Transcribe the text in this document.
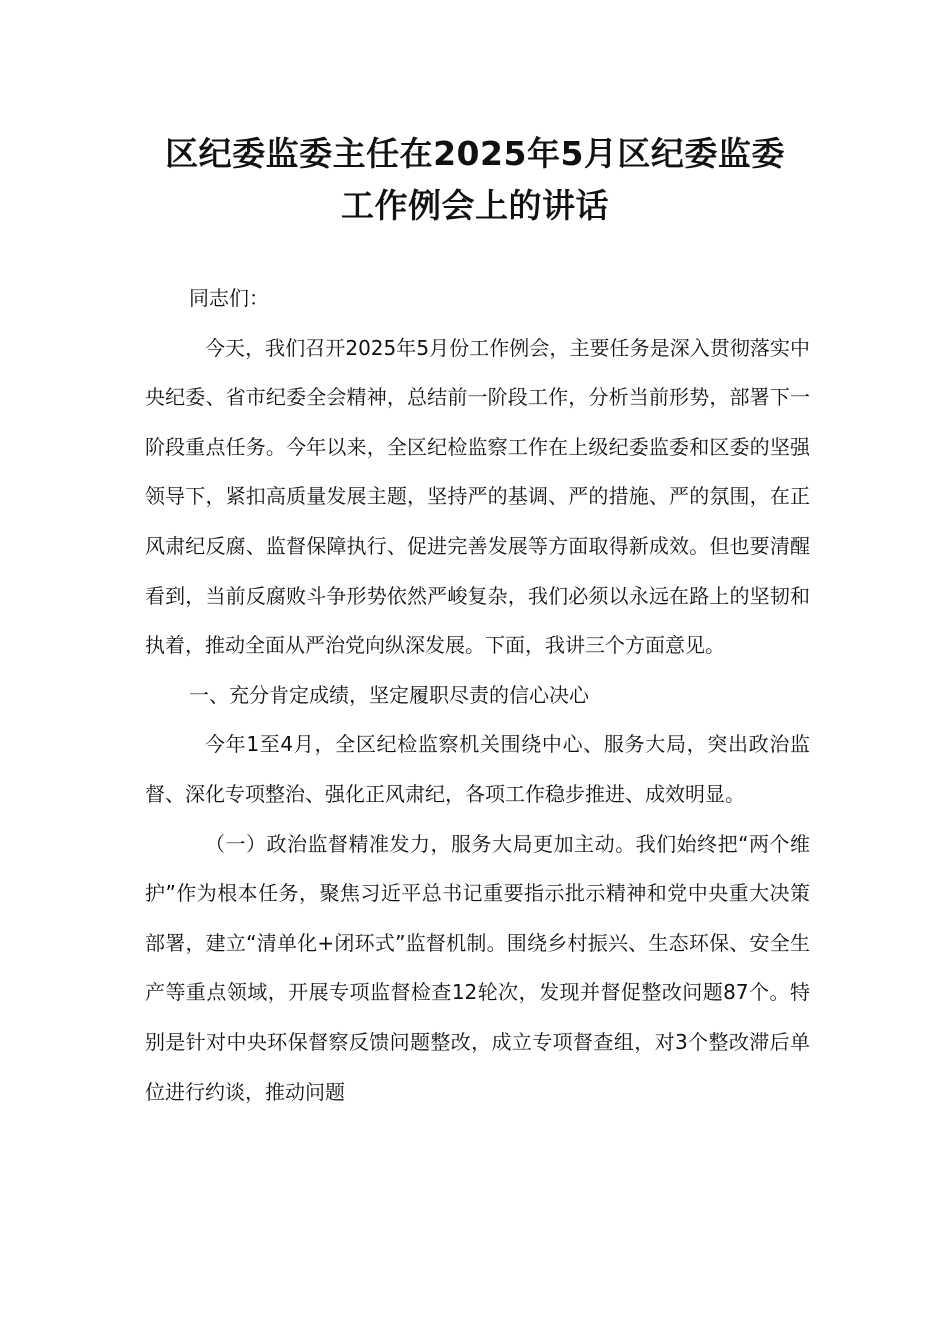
区纪委监委主任在2025年5月区纪委监委
工作例会上的讲话

同志们：

今天，我们召开2025年5月份工作例会，主要任务是深入贯彻落实中央纪委、省市纪委全会精神，总结前一阶段工作，分析当前形势，部署下一阶段重点任务。今年以来，全区纪检监察工作在上级纪委监委和区委的坚强领导下，紧扣高质量发展主题，坚持严的基调、严的措施、严的氛围，在正风肃纪反腐、监督保障执行、促进完善发展等方面取得新成效。但也要清醒看到，当前反腐败斗争形势依然严峻复杂，我们必须以永远在路上的坚韧和执着，推动全面从严治党向纵深发展。下面，我讲三个方面意见。

一、充分肯定成绩，坚定履职尽责的信心决心

今年1至4月，全区纪检监察机关围绕中心、服务大局，突出政治监督、深化专项整治、强化正风肃纪，各项工作稳步推进、成效明显。

（一）政治监督精准发力，服务大局更加主动。我们始终把“两个维护”作为根本任务，聚焦习近平总书记重要指示批示精神和党中央重大决策部署，建立“清单化+闭环式”监督机制。围绕乡村振兴、生态环保、安全生产等重点领域，开展专项监督检查12轮次，发现并督促整改问题87个。特别是针对中央环保督察反馈问题整改，成立专项督查组，对3个整改滞后单位进行约谈，推动问题
